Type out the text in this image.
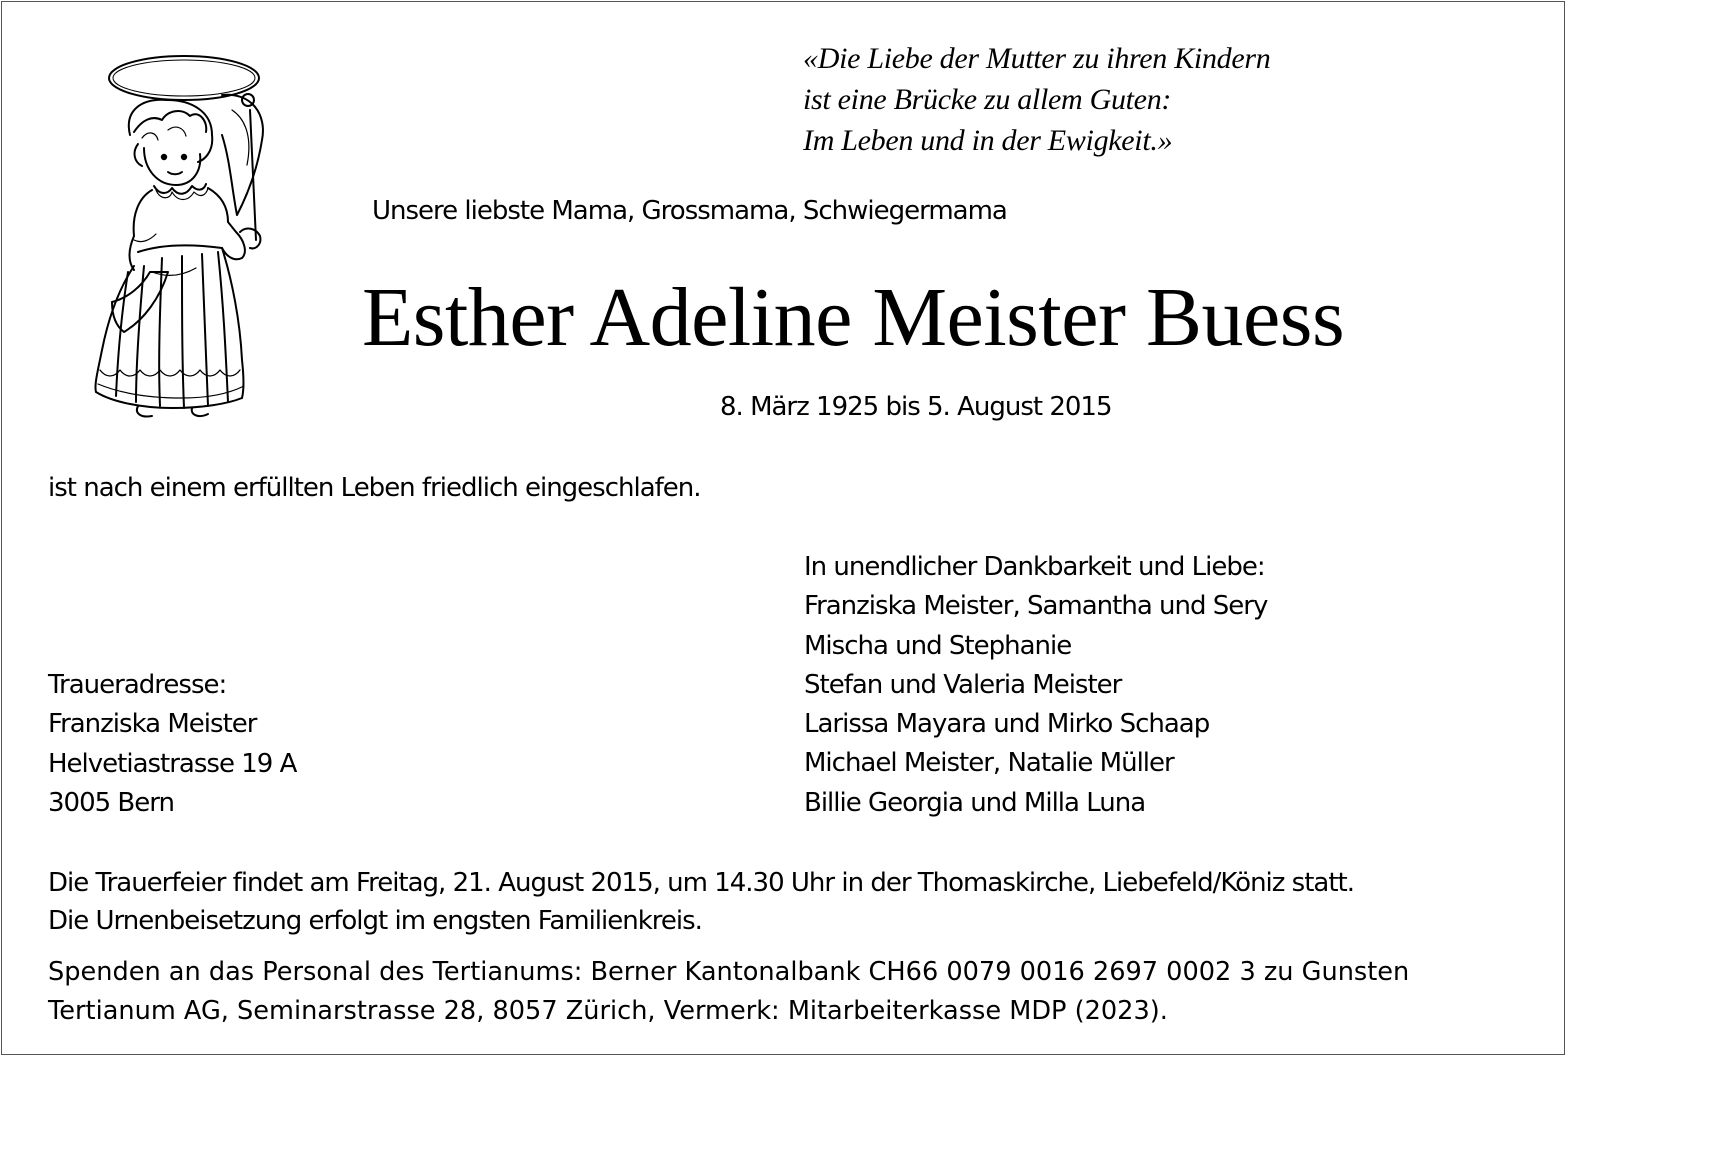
«Die Liebe der Mutter zu ihren Kindern
ist eine Brücke zu allem Guten:
Im Leben und in der Ewigkeit.»
Unsere liebste Mama, Grossmama, Schwiegermama
Esther Adeline Meister Buess
8. März 1925 bis 5. August 2015
ist nach einem erfüllten Leben friedlich eingeschlafen.
In unendlicher Dankbarkeit und Liebe:
Franziska Meister, Samantha und Sery
Mischa und Stephanie
Stefan und Valeria Meister
Larissa Mayara und Mirko Schaap
Michael Meister, Natalie Müller
Billie Georgia und Milla Luna
Traueradresse:
Franziska Meister
Helvetiastrasse 19 A
3005 Bern
Die Trauerfeier findet am Freitag, 21. August 2015, um 14.30 Uhr in der Thomaskirche, Liebefeld/Köniz statt.
Die Urnenbeisetzung erfolgt im engsten Familienkreis.
Spenden an das Personal des Tertianums: Berner Kantonalbank CH66 0079 0016 2697 0002 3 zu Gunsten
Tertianum AG, Seminarstrasse 28, 8057 Zürich, Vermerk: Mitarbeiterkasse MDP (2023).
